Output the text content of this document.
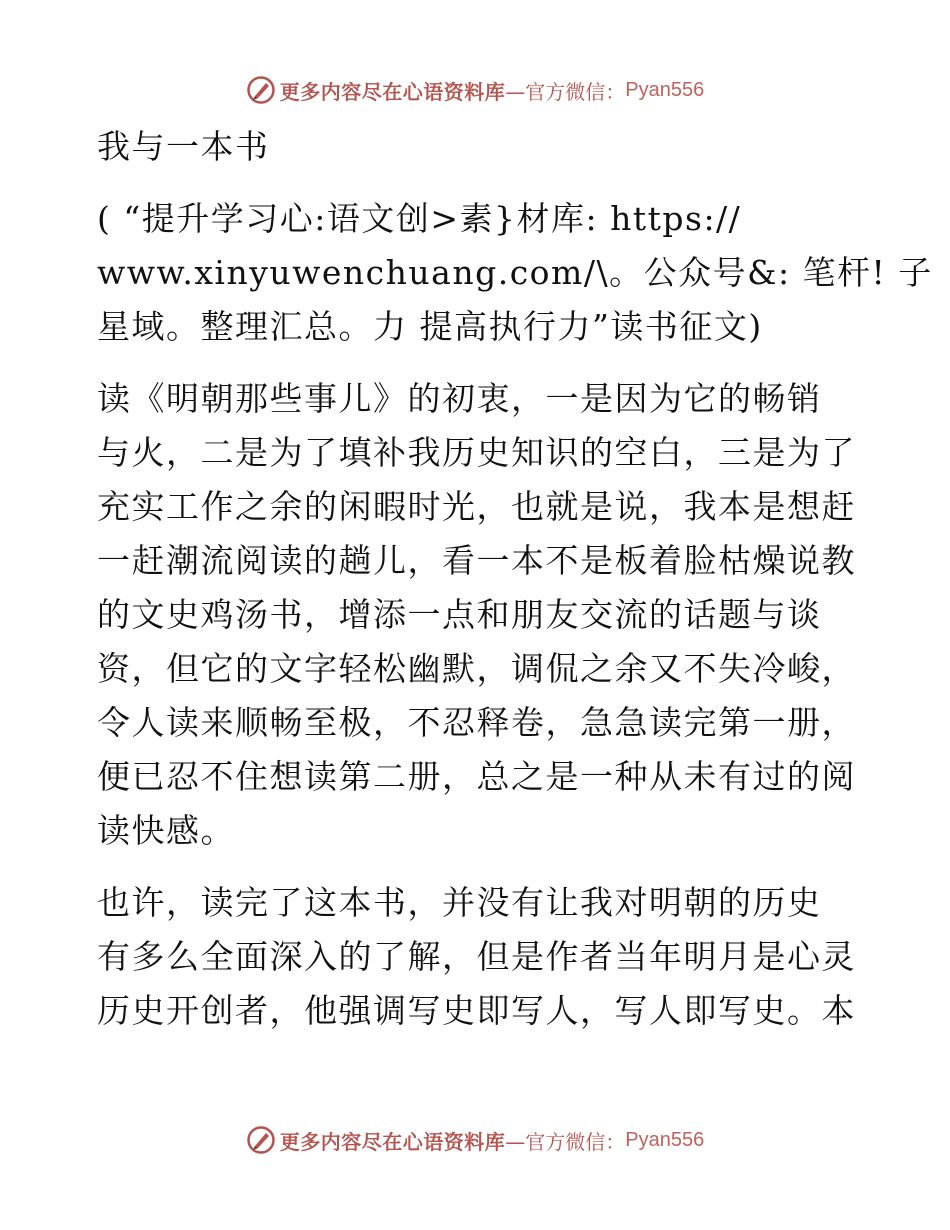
更多内容尽在心语资料库 —官方微信： Pyan556
我与一本书
( “提升学习心:语文创>素}材库: https://
www.xinyuwenchuang.com/\。公众号&: 笔杆! 子
星域。整理汇总。力 提高执行力”读书征文)
读《明朝那些事儿》的初衷，一是因为它的畅销
与火，二是为了填补我历史知识的空白，三是为了
充实工作之余的闲暇时光，也就是说，我本是想赶
一赶潮流阅读的趟儿，看一本不是板着脸枯燥说教
的文史鸡汤书，增添一点和朋友交流的话题与谈
资，但它的文字轻松幽默，调侃之余又不失冷峻，
令人读来顺畅至极，不忍释卷，急急读完第一册，
便已忍不住想读第二册，总之是一种从未有过的阅
读快感。
也许，读完了这本书，并没有让我对明朝的历史
有多么全面深入的了解，但是作者当年明月是心灵
历史开创者，他强调写史即写人，写人即写史。本
更多内容尽在心语资料库 —官方微信： Pyan556
